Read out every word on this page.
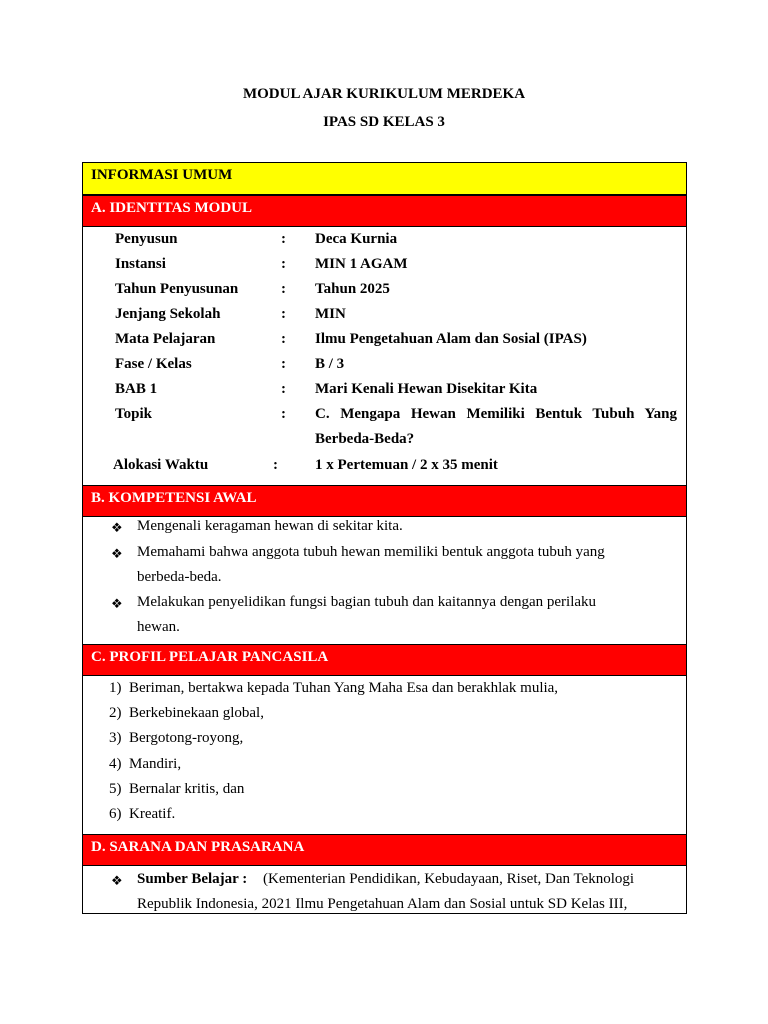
MODUL AJAR KURIKULUM MERDEKA
IPAS SD KELAS 3
INFORMASI UMUM
A. IDENTITAS MODUL
Penyusun	: Deca Kurnia
Instansi	: MIN 1 AGAM
Tahun Penyusunan	: Tahun 2025
Jenjang Sekolah	: MIN
Mata Pelajaran	: Ilmu Pengetahuan Alam dan Sosial (IPAS)
Fase / Kelas	: B / 3
BAB 1	: Mari Kenali Hewan Disekitar Kita
Topik	: C. Mengapa Hewan Memiliki Bentuk Tubuh Yang
Berbeda-Beda?
Alokasi Waktu	: 1 x Pertemuan / 2 x 35 menit
B. KOMPETENSI AWAL
❖ Mengenali keragaman hewan di sekitar kita.
❖ Memahami bahwa anggota tubuh hewan memiliki bentuk anggota tubuh yang
berbeda-beda.
❖ Melakukan penyelidikan fungsi bagian tubuh dan kaitannya dengan perilaku
hewan.
C. PROFIL PELAJAR PANCASILA
1) Beriman, bertakwa kepada Tuhan Yang Maha Esa dan berakhlak mulia,
2) Berkebinekaan global,
3) Bergotong-royong,
4) Mandiri,
5) Bernalar kritis, dan
6) Kreatif.
D. SARANA DAN PRASARANA
❖ Sumber Belajar : (Kementerian Pendidikan, Kebudayaan, Riset, Dan Teknologi
Republik Indonesia, 2021 Ilmu Pengetahuan Alam dan Sosial untuk SD Kelas III,
